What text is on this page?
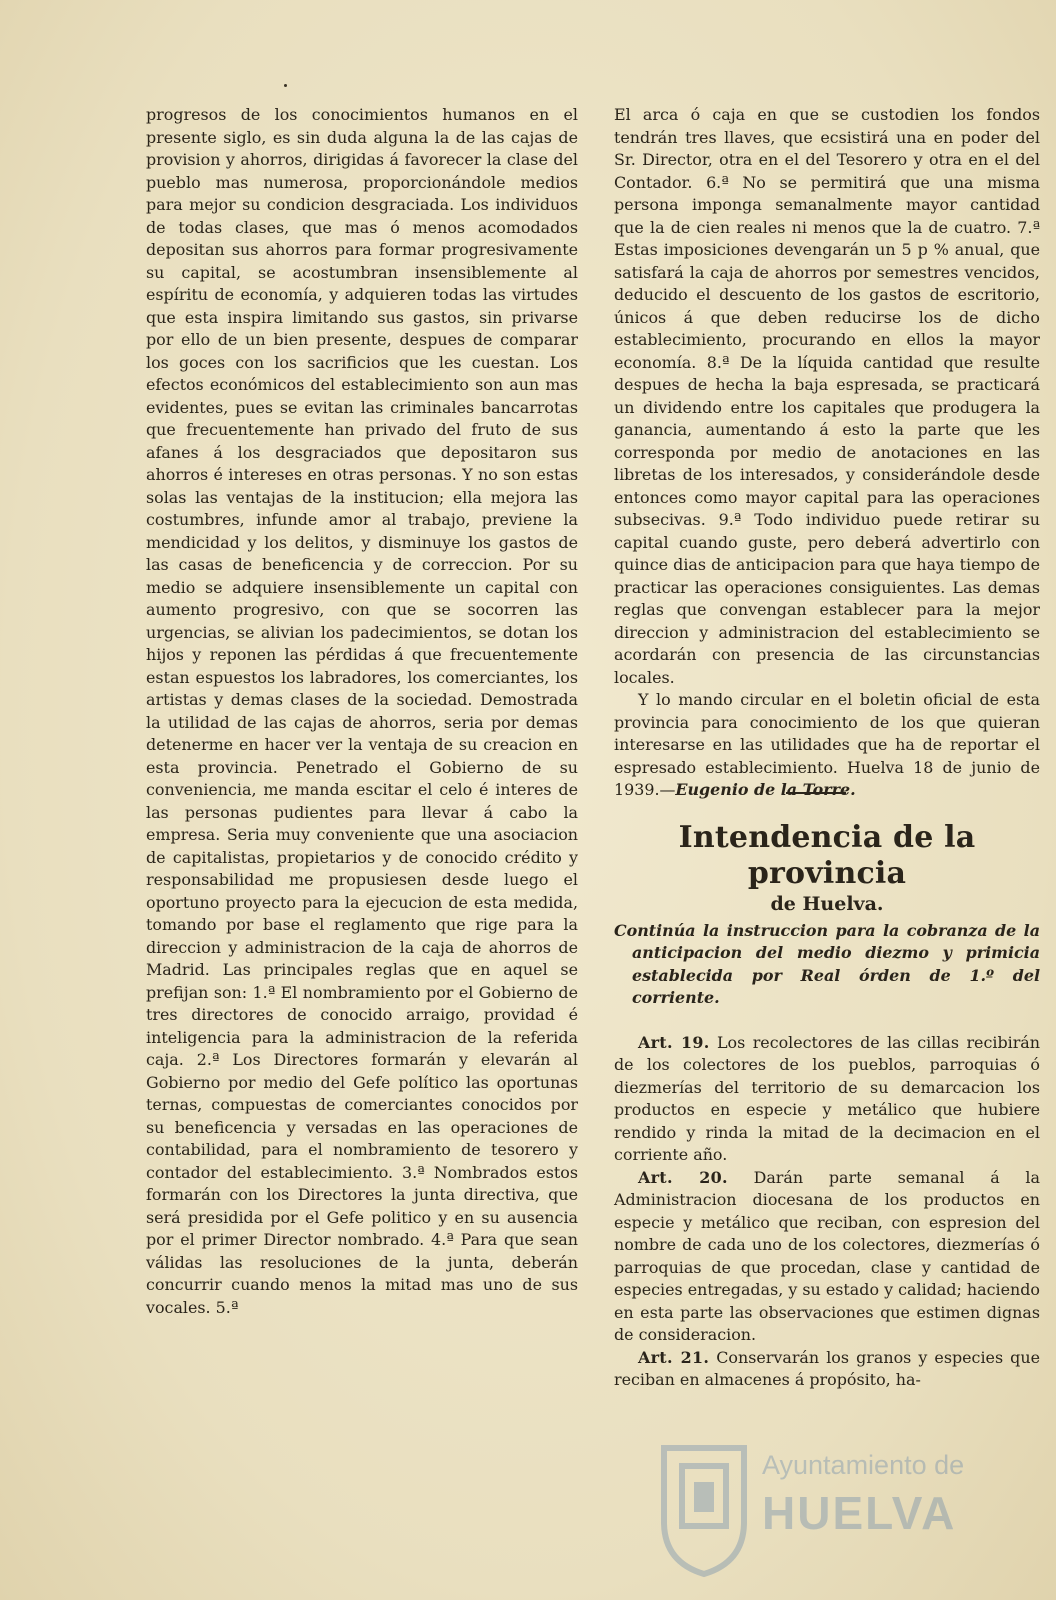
progresos de los conocimientos humanos en el presente siglo, es sin duda alguna la de las cajas de provision y ahorros, dirigidas á favorecer la clase del pueblo mas numerosa, proporcionándole medios para mejor su condicion desgraciada. Los individuos de todas clases, que mas ó menos acomodados depositan sus ahorros para formar progresivamente su capital, se acostumbran insensiblemente al espíritu de economía, y adquieren todas las virtudes que esta inspira limitando sus gastos, sin privarse por ello de un bien presente, despues de comparar los goces con los sacrificios que les cuestan. Los efectos económicos del establecimiento son aun mas evidentes, pues se evitan las criminales bancarrotas que frecuentemente han privado del fruto de sus afanes á los desgraciados que depositaron sus ahorros é intereses en otras personas. Y no son estas solas las ventajas de la institucion; ella mejora las costumbres, infunde amor al trabajo, previene la mendicidad y los delitos, y disminuye los gastos de las casas de beneficencia y de correccion. Por su medio se adquiere insensiblemente un capital con aumento progresivo, con que se socorren las urgencias, se alivian los padecimientos, se dotan los hijos y reponen las pérdidas á que frecuentemente estan espuestos los labradores, los comerciantes, los artistas y demas clases de la sociedad. Demostrada la utilidad de las cajas de ahorros, seria por demas detenerme en hacer ver la ventaja de su creacion en esta provincia. Penetrado el Gobierno de su conveniencia, me manda escitar el celo é interes de las personas pudientes para llevar á cabo la empresa. Seria muy conveniente que una asociacion de capitalistas, propietarios y de conocido crédito y responsabilidad me propusiesen desde luego el oportuno proyecto para la ejecucion de esta medida, tomando por base el reglamento que rige para la direccion y administracion de la caja de ahorros de Madrid. Las principales reglas que en aquel se prefijan son: 1.ª El nombramiento por el Gobierno de tres directores de conocido arraigo, providad é inteligencia para la administracion de la referida caja. 2.ª Los Directores formarán y elevarán al Gobierno por medio del Gefe político las oportunas ternas, compuestas de comerciantes conocidos por su beneficencia y versadas en las operaciones de contabilidad, para el nombramiento de tesorero y contador del establecimiento. 3.ª Nombrados estos formarán con los Directores la junta directiva, que será presidida por el Gefe politico y en su ausencia por el primer Director nombrado. 4.ª Para que sean válidas las resoluciones de la junta, deberán concurrir cuando menos la mitad mas uno de sus vocales. 5.ª

El arca ó caja en que se custodien los fondos tendrán tres llaves, que ecsistirá una en poder del Sr. Director, otra en el del Tesorero y otra en el del Contador. 6.ª No se permitirá que una misma persona imponga semanalmente mayor cantidad que la de cien reales ni menos que la de cuatro. 7.ª Estas imposiciones devengarán un 5 p % anual, que satisfará la caja de ahorros por semestres vencidos, deducido el descuento de los gastos de escritorio, únicos á que deben reducirse los de dicho establecimiento, procurando en ellos la mayor economía. 8.ª De la líquida cantidad que resulte despues de hecha la baja espresada, se practicará un dividendo entre los capitales que produgera la ganancia, aumentando á esto la parte que les corresponda por medio de anotaciones en las libretas de los interesados, y considerándole desde entonces como mayor capital para las operaciones subsecivas. 9.ª Todo individuo puede retirar su capital cuando guste, pero deberá advertirlo con quince dias de anticipacion para que haya tiempo de practicar las operaciones consiguientes. Las demas reglas que convengan establecer para la mejor direccion y administracion del establecimiento se acordarán con presencia de las circunstancias locales.

Y lo mando circular en el boletin oficial de esta provincia para conocimiento de los que quieran interesarse en las utilidades que ha de reportar el espresado establecimiento. Huelva 18 de junio de 1939.—Eugenio de la Torre.

Intendencia de la provincia
de Huelva.

Continúa la instruccion para la cobranza de la anticipacion del medio diezmo y primicia establecida por Real órden de 1.º del corriente.

Art. 19. Los recolectores de las cillas recibirán de los colectores de los pueblos, parroquias ó diezmerías del territorio de su demarcacion los productos en especie y metálico que hubiere rendido y rinda la mitad de la decimacion en el corriente año.

Art. 20. Darán parte semanal á la Administracion diocesana de los productos en especie y metálico que reciban, con espresion del nombre de cada uno de los colectores, diezmerías ó parroquias de que procedan, clase y cantidad de especies entregadas, y su estado y calidad; haciendo en esta parte las observaciones que estimen dignas de consideracion.

Art. 21. Conservarán los granos y especies que reciban en almacenes á propósito, ha-

Ayuntamiento de
HUELVA
